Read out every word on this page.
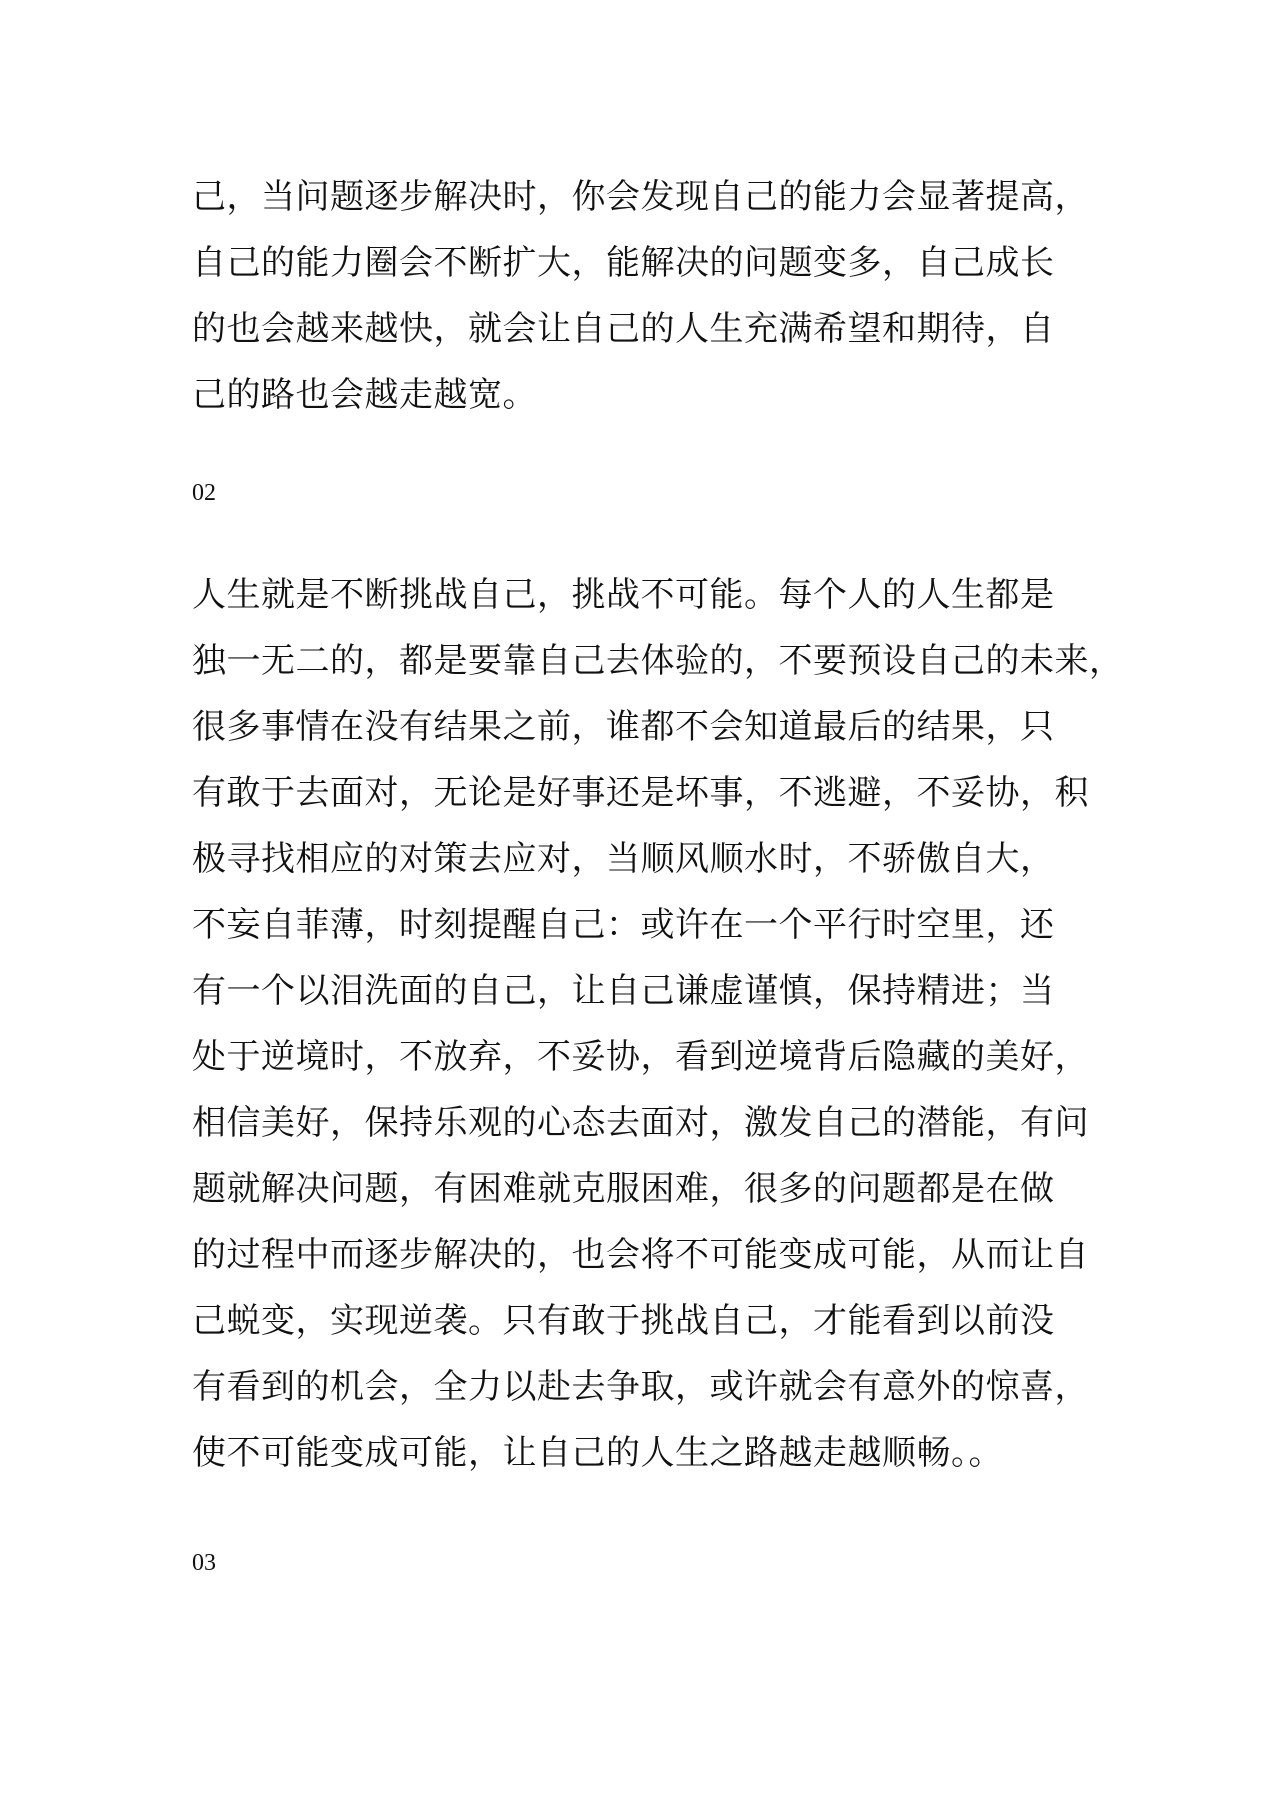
己，当问题逐步解决时，你会发现自己的能力会显著提高，
自己的能力圈会不断扩大，能解决的问题变多，自己成长
的也会越来越快，就会让自己的人生充满希望和期待，自
己的路也会越走越宽。
02
人生就是不断挑战自己，挑战不可能。每个人的人生都是
独一无二的，都是要靠自己去体验的，不要预设自己的未来，
很多事情在没有结果之前，谁都不会知道最后的结果，只
有敢于去面对，无论是好事还是坏事，不逃避，不妥协，积
极寻找相应的对策去应对，当顺风顺水时，不骄傲自大，
不妄自菲薄，时刻提醒自己：或许在一个平行时空里，还
有一个以泪洗面的自己，让自己谦虚谨慎，保持精进；当
处于逆境时，不放弃，不妥协，看到逆境背后隐藏的美好，
相信美好，保持乐观的心态去面对，激发自己的潜能，有问
题就解决问题，有困难就克服困难，很多的问题都是在做
的过程中而逐步解决的，也会将不可能变成可能，从而让自
己蜕变，实现逆袭。只有敢于挑战自己，才能看到以前没
有看到的机会，全力以赴去争取，或许就会有意外的惊喜，
使不可能变成可能，让自己的人生之路越走越顺畅。。
03
